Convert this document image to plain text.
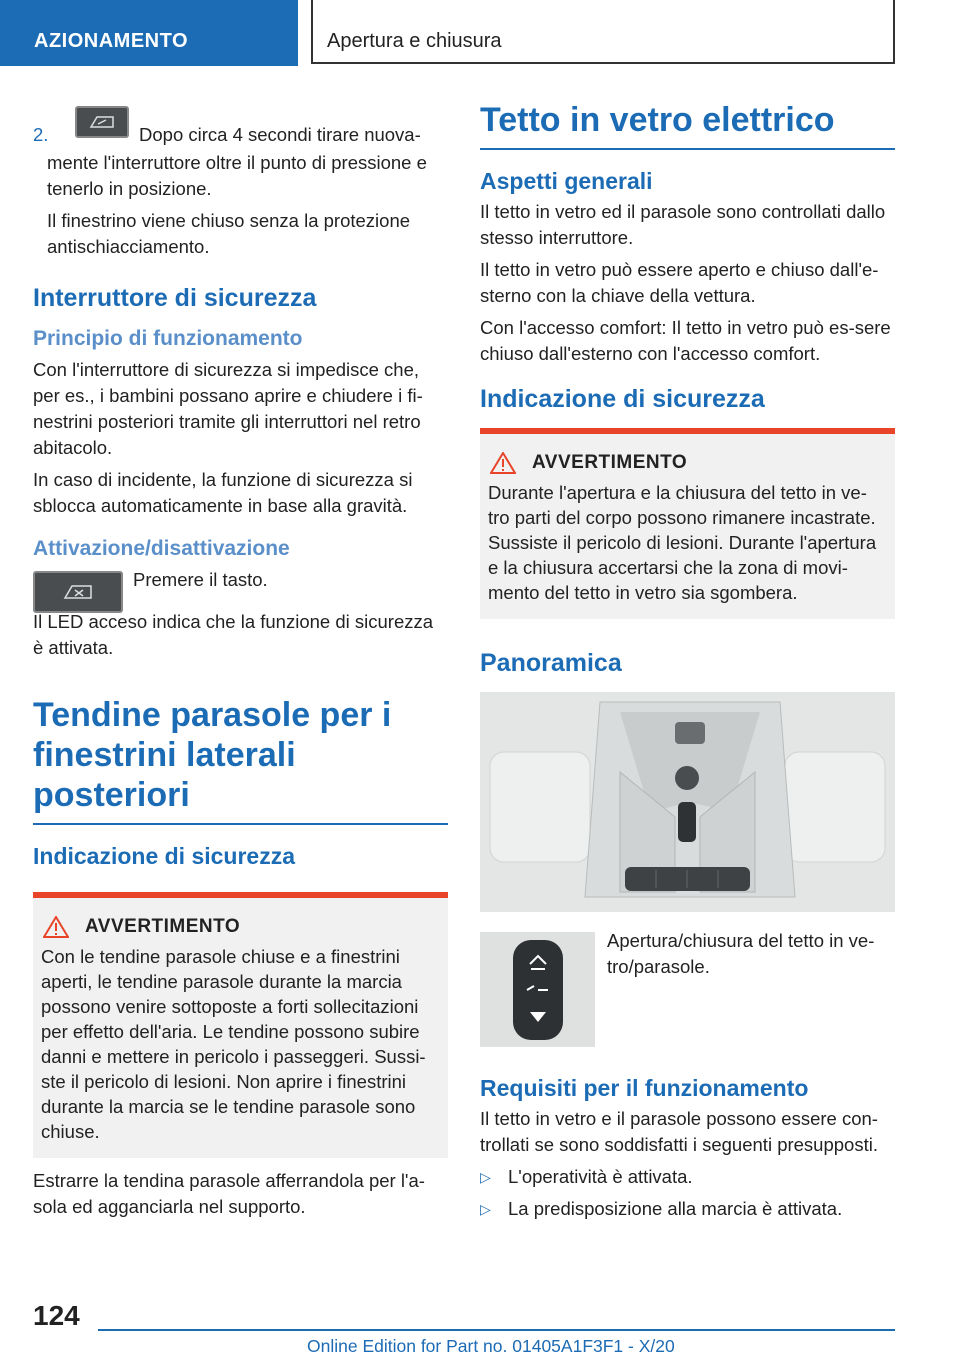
AZIONAMENTO	Apertura e chiusura
2.	Dopo circa 4 secondi tirare nuova-

mente l'interruttore oltre il punto di pressione e tenerlo in posizione.

Il finestrino viene chiuso senza la protezione antischiacciamento.

Interruttore di sicurezza
Principio di funzionamento

Con l'interruttore di sicurezza si impedisce che, per es., i bambini possano aprire e chiudere i fi-nestrini posteriori tramite gli interruttori nel retro abitacolo.

In caso di incidente, la funzione di sicurezza si sblocca automaticamente in base alla gravità.

Attivazione/disattivazione

Premere il tasto.

Il LED acceso indica che la funzione di sicurezza è attivata.

Tendine parasole per i finestrini laterali posteriori
Indicazione di sicurezza
AVVERTIMENTO
Con le tendine parasole chiuse e a finestrini aperti, le tendine parasole durante la marcia possono venire sottoposte a forti sollecitazioni per effetto dell'aria. Le tendine possono subire danni e mettere in pericolo i passeggeri. Sussi-ste il pericolo di lesioni. Non aprire i finestrini durante la marcia se le tendine parasole sono chiuse.

Estrarre la tendina parasole afferrandola per l'a-sola ed agganciarla nel supporto.

Tetto in vetro elettrico
Aspetti generali

Il tetto in vetro ed il parasole sono controllati dallo stesso interruttore.

Il tetto in vetro può essere aperto e chiuso dall'e-sterno con la chiave della vettura.

Con l'accesso comfort: Il tetto in vetro può es-sere chiuso dall'esterno con l'accesso comfort.

Indicazione di sicurezza
AVVERTIMENTO
Durante l'apertura e la chiusura del tetto in ve-tro parti del corpo possono rimanere incastrate. Sussiste il pericolo di lesioni. Durante l'apertura e la chiusura accertarsi che la zona di movi-mento del tetto in vetro sia sgombera.
Panoramica

Apertura/chiusura del tetto in ve-tro/parasole.

Requisiti per il funzionamento

Il tetto in vetro e il parasole possono essere con-trollati se sono soddisfatti i seguenti presupposti.

▷ L'operatività è attivata.
▷ La predisposizione alla marcia è attivata.
124
Online Edition for Part no. 01405A1F3F1 - X/20
